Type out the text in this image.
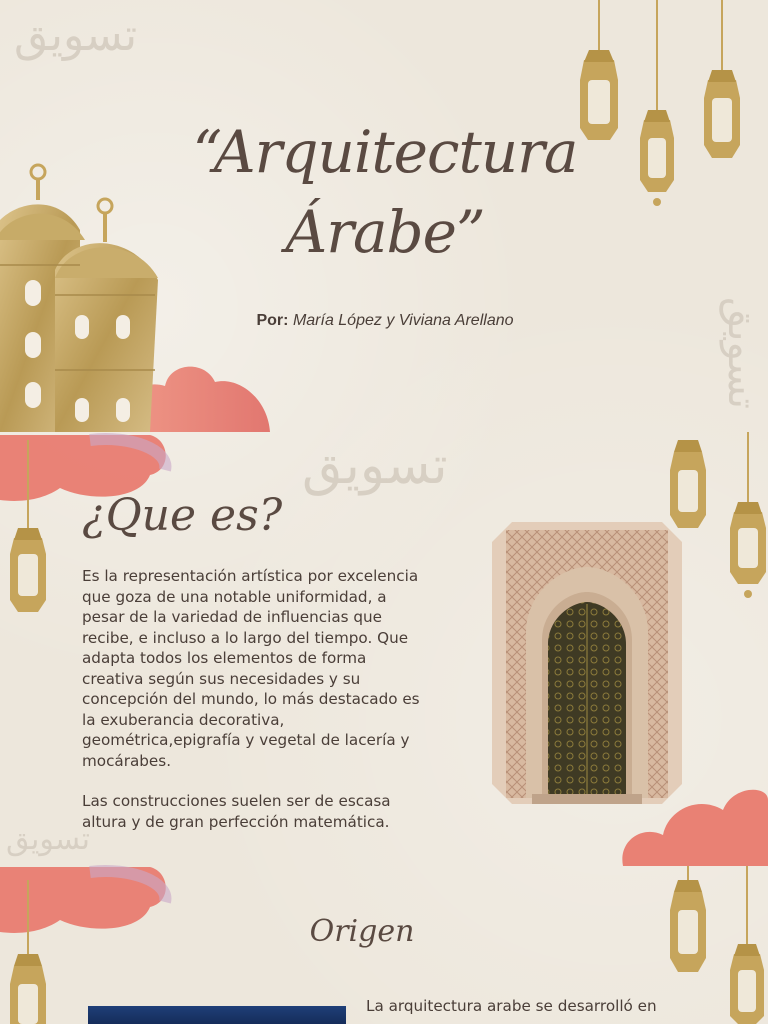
تسويق
تسويق
تسويق
تسويق
“Arquitectura
Árabe”
Por: María López y Viviana Arellano
¿Que es?
Es la representación artística por excelencia que goza de una notable uniformidad, a pesar de la variedad de influencias que recibe, e incluso a lo largo del tiempo. Que adapta todos los elementos de forma creativa según sus necesidades y su concepción del mundo, lo más destacado es la exuberancia decorativa, geométrica,epigrafía y vegetal de lacería y mocárabes.
Las construcciones suelen ser de escasa altura y de gran perfección matemática.
Origen
La arquitectura arabe se desarrolló en
